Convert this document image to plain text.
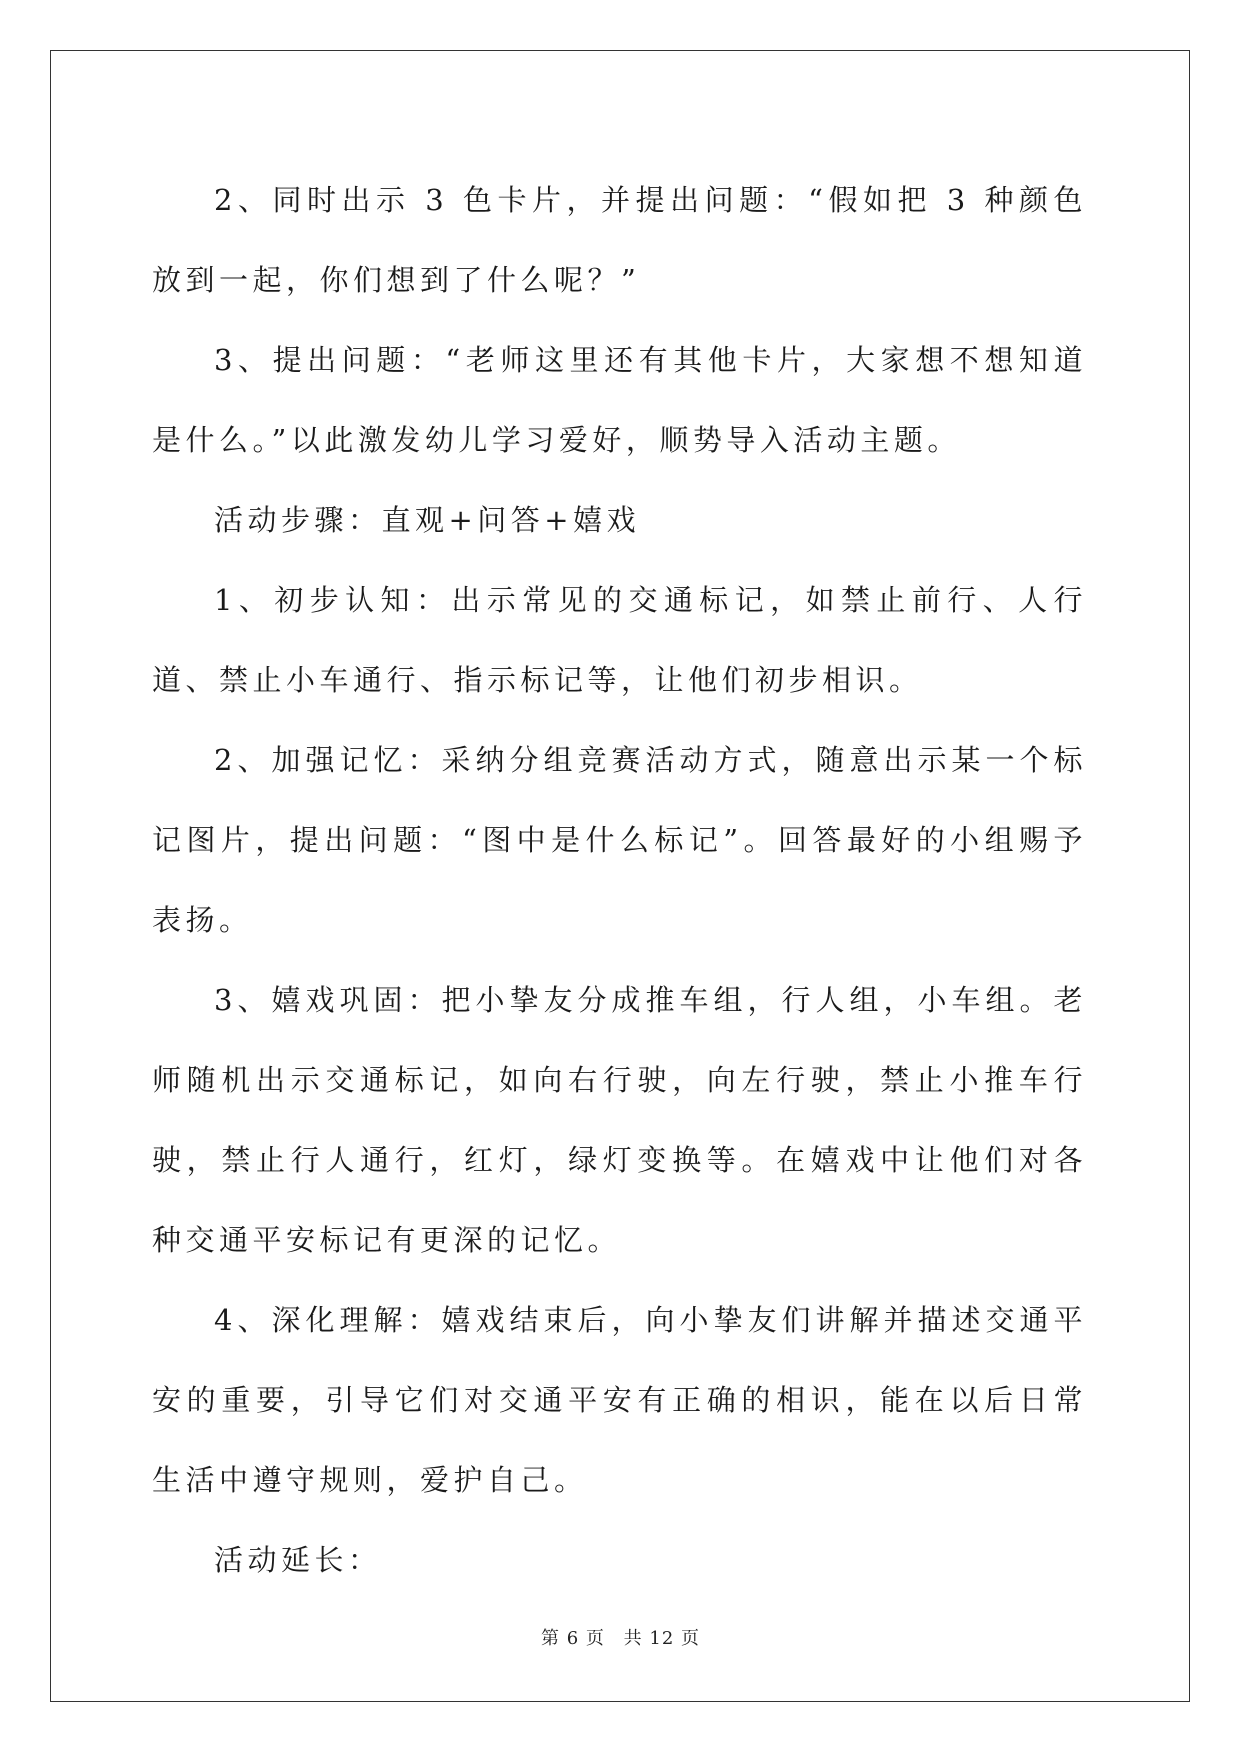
2、同时出示 3 色卡片，并提出问题：“假如把 3 种颜色放到一起，你们想到了什么呢？”

3、提出问题：“老师这里还有其他卡片，大家想不想知道是什么。”以此激发幼儿学习爱好，顺势导入活动主题。

活动步骤：直观+问答+嬉戏

1、初步认知：出示常见的交通标记，如禁止前行、人行道、禁止小车通行、指示标记等，让他们初步相识。

2、加强记忆：采纳分组竞赛活动方式，随意出示某一个标记图片，提出问题：“图中是什么标记”。回答最好的小组赐予表扬。

3、嬉戏巩固：把小挚友分成推车组，行人组，小车组。老师随机出示交通标记，如向右行驶，向左行驶，禁止小推车行驶，禁止行人通行，红灯，绿灯变换等。在嬉戏中让他们对各种交通平安标记有更深的记忆。

4、深化理解：嬉戏结束后，向小挚友们讲解并描述交通平安的重要，引导它们对交通平安有正确的相识，能在以后日常生活中遵守规则，爱护自己。

活动延长：

第 6 页 共 12 页
